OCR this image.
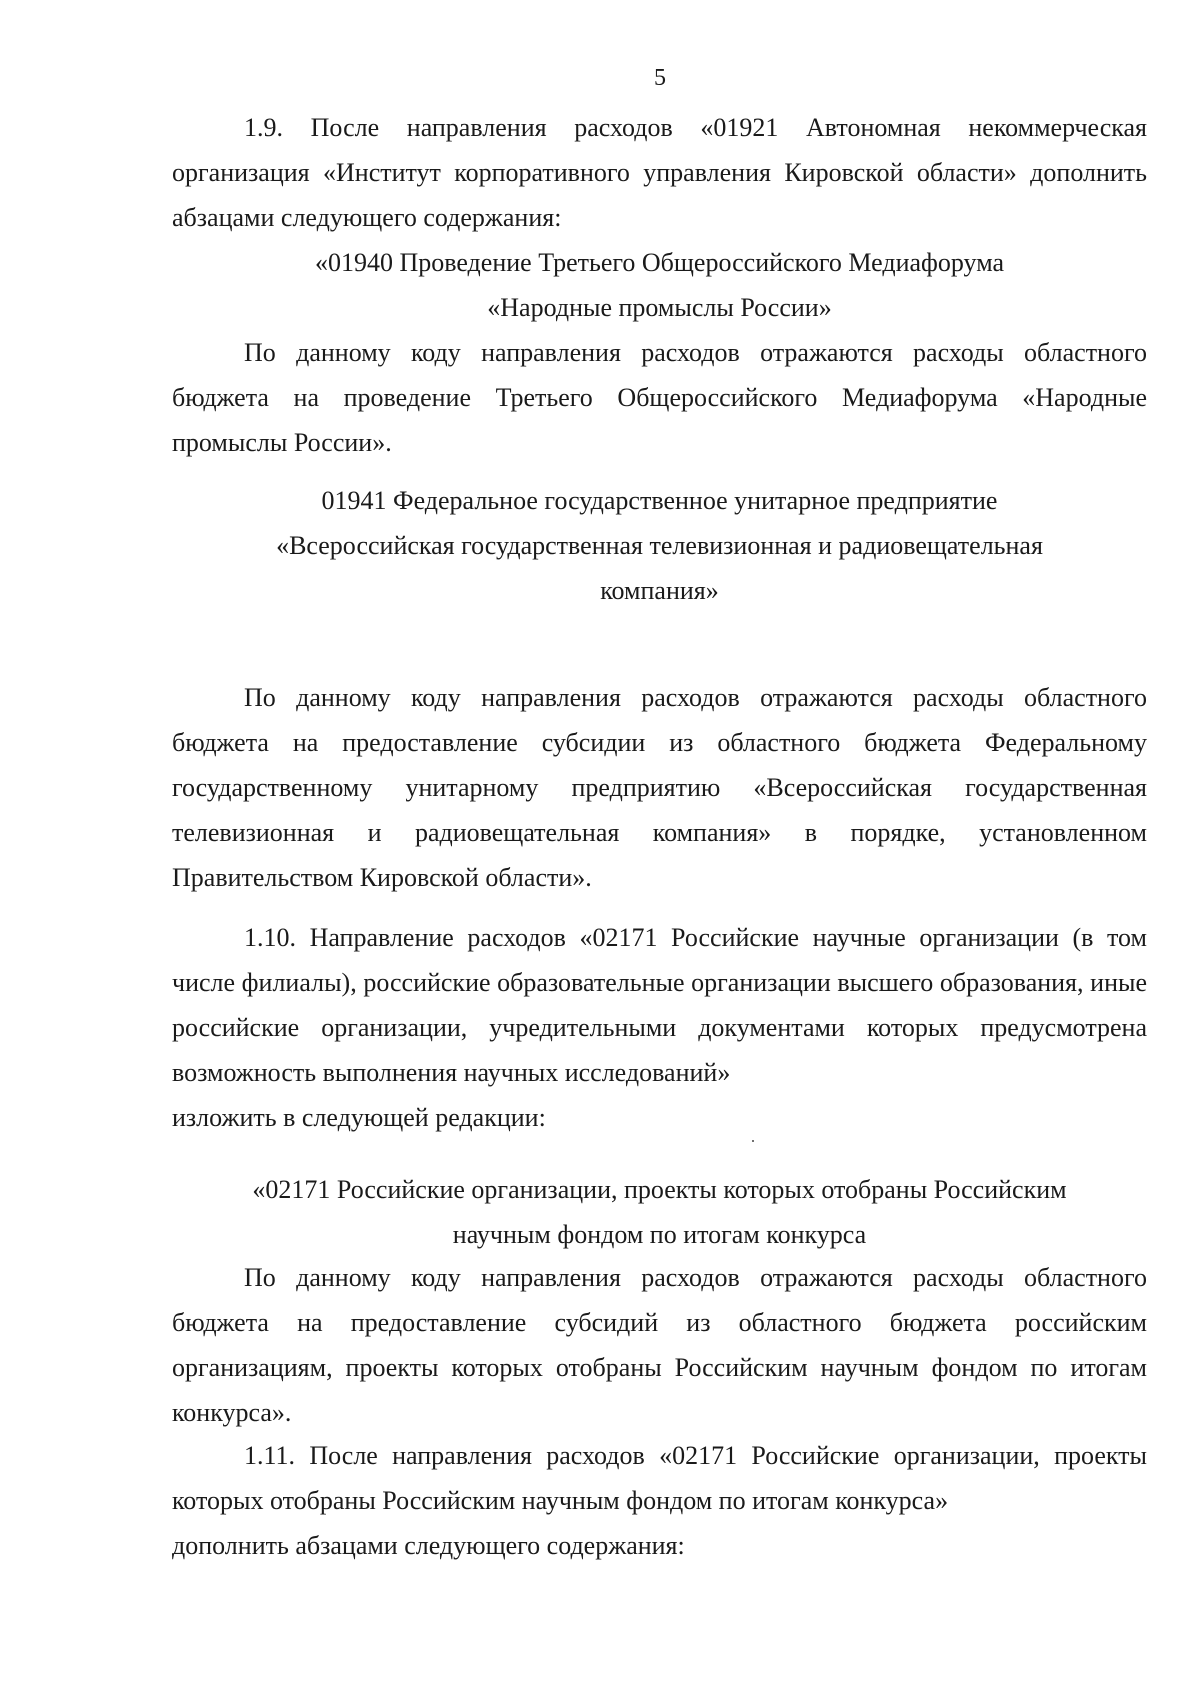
5

1.9. После направления расходов «01921 Автономная некоммерческая организация «Институт корпоративного управления Кировской области» дополнить абзацами следующего содержания:

«01940 Проведение Третьего Общероссийского Медиафорума

«Народные промыслы России»

По данному коду направления расходов отражаются расходы областного бюджета на проведение Третьего Общероссийского Медиафорума «Народные промыслы России».

01941 Федеральное государственное унитарное предприятие

«Всероссийская государственная телевизионная и радиовещательная

компания»

По данному коду направления расходов отражаются расходы областного бюджета на предоставление субсидии из областного бюджета Федеральному государственному унитарному предприятию «Всероссийская государственная телевизионная и радиовещательная компания» в порядке, установленном Правительством Кировской области».

1.10. Направление расходов «02171 Российские научные организации (в том числе филиалы), российские образовательные организации высшего образования, иные российские организации, учредительными документами которых предусмотрена возможность выполнения научных исследований»

изложить в следующей редакции:

«02171 Российские организации, проекты которых отобраны Российским

научным фондом по итогам конкурса

По данному коду направления расходов отражаются расходы областного бюджета на предоставление субсидий из областного бюджета российским организациям, проекты которых отобраны Российским научным фондом по итогам конкурса».

1.11. После направления расходов «02171 Российские организации, проекты которых отобраны Российским научным фондом по итогам конкурса»

дополнить абзацами следующего содержания:
